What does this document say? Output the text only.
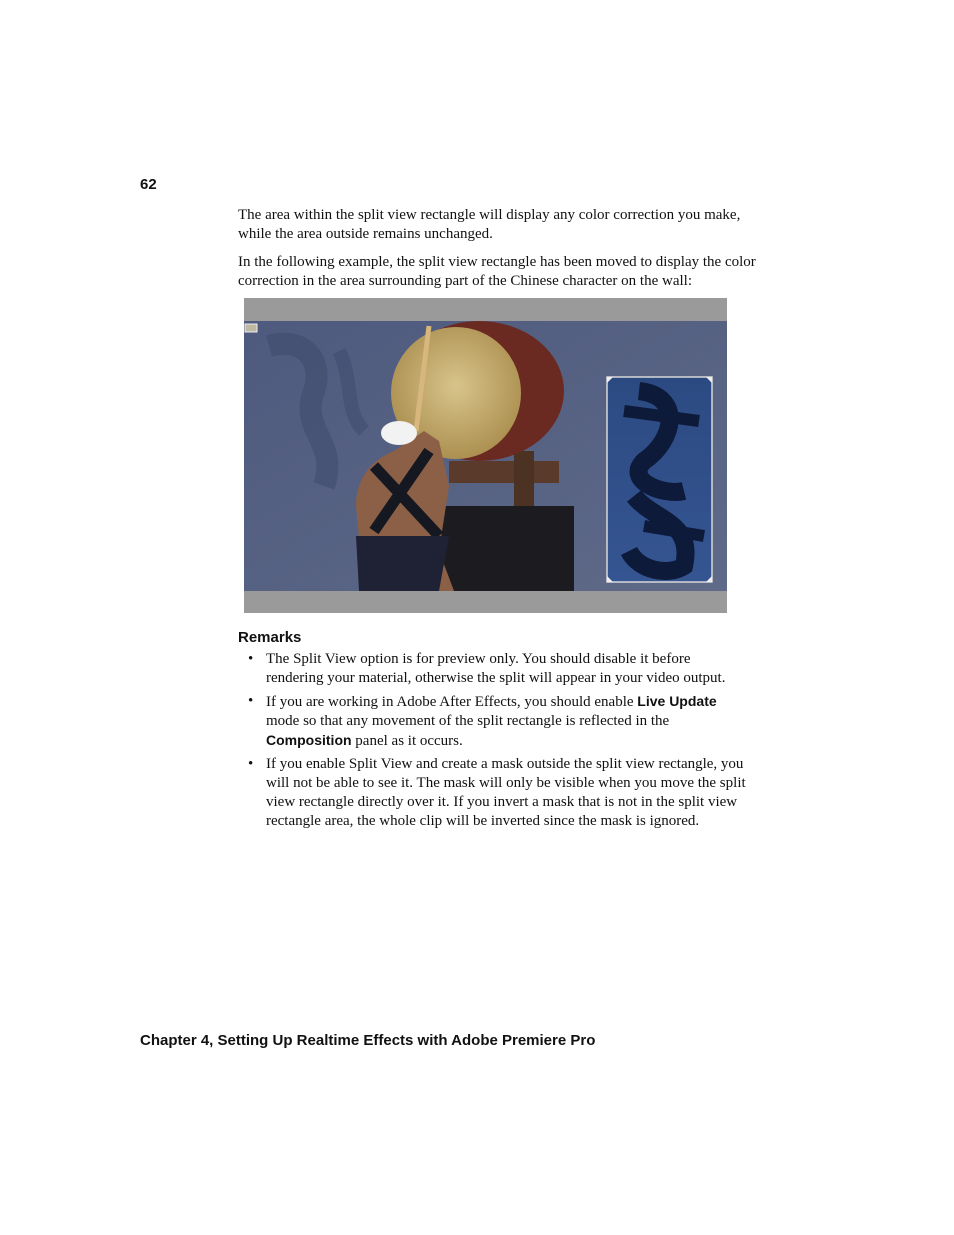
62

The area within the split view rectangle will display any color correction you make, while the area outside remains unchanged.

In the following example, the split view rectangle has been moved to display the color correction in the area surrounding part of the Chinese character on the wall:

Remarks
• The Split View option is for preview only. You should disable it before rendering your material, otherwise the split will appear in your video output.
• If you are working in Adobe After Effects, you should enable Live Update mode so that any movement of the split rectangle is reflected in the Composition panel as it occurs.
• If you enable Split View and create a mask outside the split view rectangle, you will not be able to see it. The mask will only be visible when you move the split view rectangle directly over it. If you invert a mask that is not in the split view rectangle area, the whole clip will be inverted since the mask is ignored.
Chapter 4, Setting Up Realtime Effects with Adobe Premiere Pro
